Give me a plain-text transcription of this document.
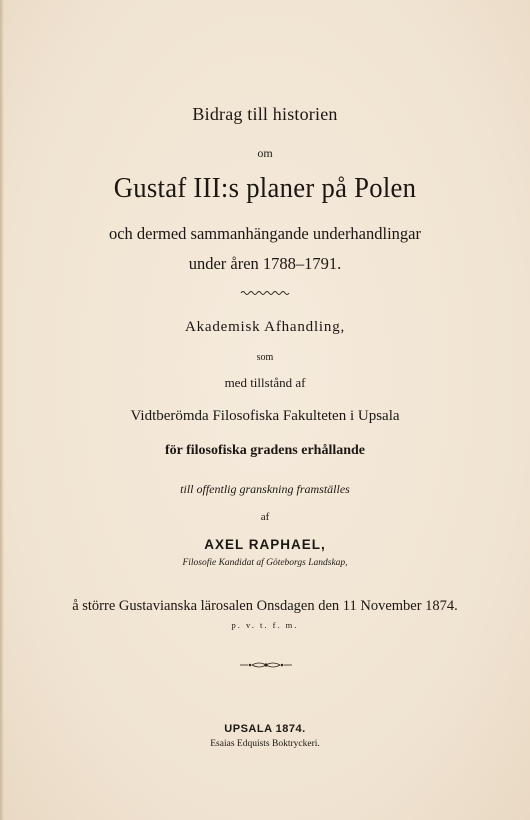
Bidrag till historien
om
Gustaf III:s planer på Polen
och dermed sammanhängande underhandlingar
under åren 1788–1791.
Akademisk Afhandling,
som
med tillstånd af
Vidtberömda Filosofiska Fakulteten i Upsala
för filosofiska gradens erhållande
till offentlig granskning framställes
af
AXEL RAPHAEL,
Filosofie Kandidat af Göteborgs Landskap,
å större Gustavianska lärosalen Onsdagen den 11 November 1874.
p. v. t. f. m.
UPSALA 1874.
Esaias Edquists Boktryckeri.
